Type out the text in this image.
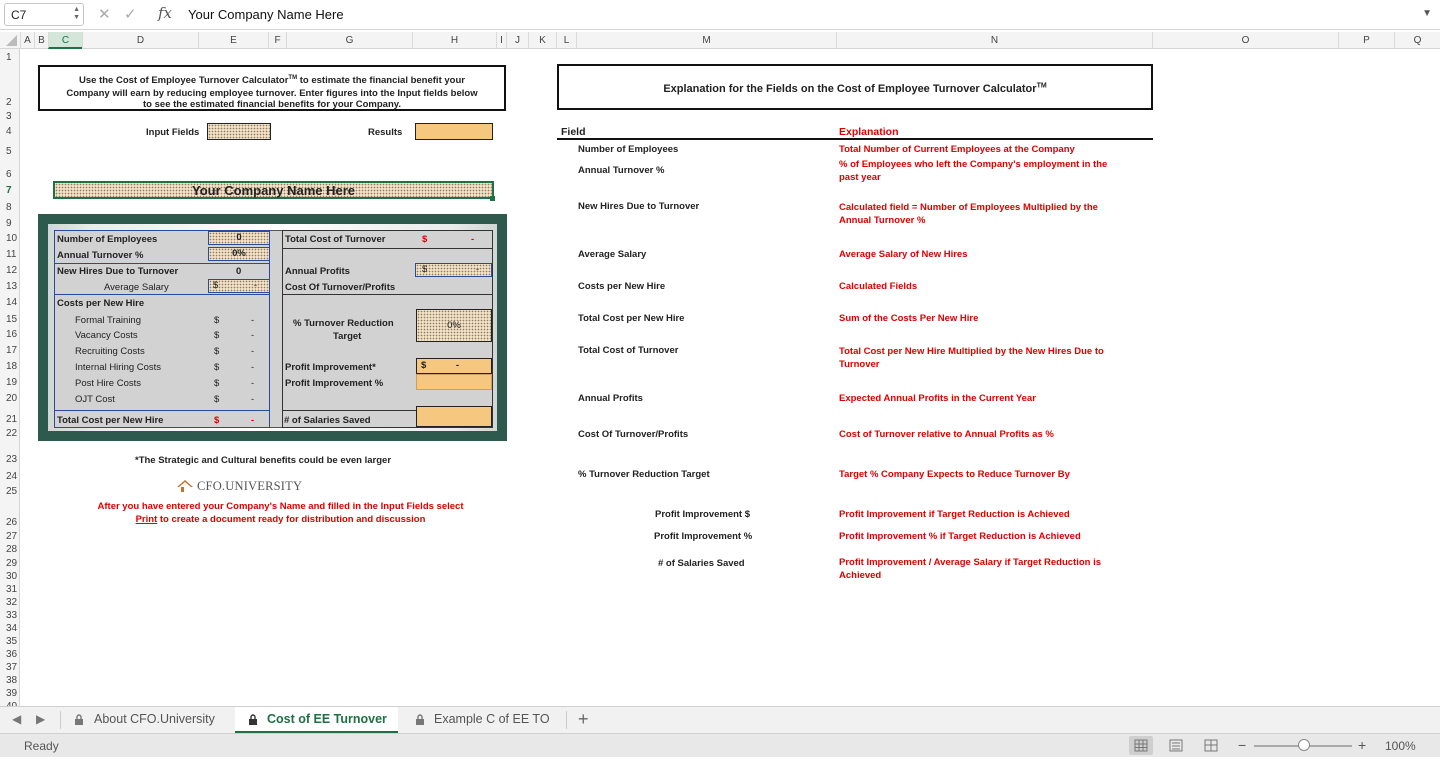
C7	▲
▼ ✕ ✓ fx Your Company Name Here	▼
A B	C	D	E	F	G	H	I	J	K	L	M	N	O	P	Q
1
2
3
4
5
6
7
8
9
10
11
12
13
14
15
16
17
18
19
20
21
22
23
24
25
26
27
28
29
30
31
32
33
34
35
36
37
38
39
Use the Cost of Employee Turnover Calculator™ to estimate the financial benefit your
Company will earn by reducing employee turnover. Enter figures into the Input fields below
to see the estimated financial benefits for your Company.
Input Fields	Results
Your Company Name Here
Number of Employees	0
Annual Turnover %	0%
New Hires Due to Turnover	0
Average Salary	$	-
Costs per New Hire
Formal Training	$	-
Vacancy Costs	$	-
Recruiting Costs	$	-
Internal Hiring Costs	$	-
Post Hire Costs	$	-
OJT Cost	$	-
Total Cost per New Hire	$	-
Total Cost of Turnover	$	-
Annual Profits	$	-
Cost Of Turnover/Profits
% Turnover Reduction
Target
0%
Profit Improvement*	$	-
Profit Improvement %
# of Salaries Saved
*The Strategic and Cultural benefits could be even larger
CFO.UNIVERSITY
After you have entered your Company's Name and filled in the Input Fields select
Print to create a document ready for distribution and discussion
Explanation for the Fields on the Cost of Employee Turnover Calculator™
Field	Explanation
Number of Employees	Total Number of Current Employees at the Company
Annual Turnover %
% of Employees who left the Company's employment in the
past year
New Hires Due to Turnover	Calculated field = Number of Employees Multiplied by the
Annual Turnover %
Average Salary	Average Salary of New Hires
Costs per New Hire	Calculated Fields
Total Cost per New Hire	Sum of the Costs Per New Hire
Total Cost of Turnover	Total Cost per New Hire Multiplied by the New Hires Due to
Turnover
Annual Profits	Expected Annual Profits in the Current Year
Cost Of Turnover/Profits	Cost of Turnover relative to Annual Profits as %
% Turnover Reduction Target	Target % Company Expects to Reduce Turnover By
Profit Improvement $	Profit Improvement if Target Reduction is Achieved
Profit Improvement %	Profit Improvement % if Target Reduction is Achieved
# of Salaries Saved	Profit Improvement / Average Salary if Target Reduction is
Achieved
◀ ▶	About CFO.University	Cost of EE Turnover	Example C of EE TO	+
Ready	−	+ 100%
